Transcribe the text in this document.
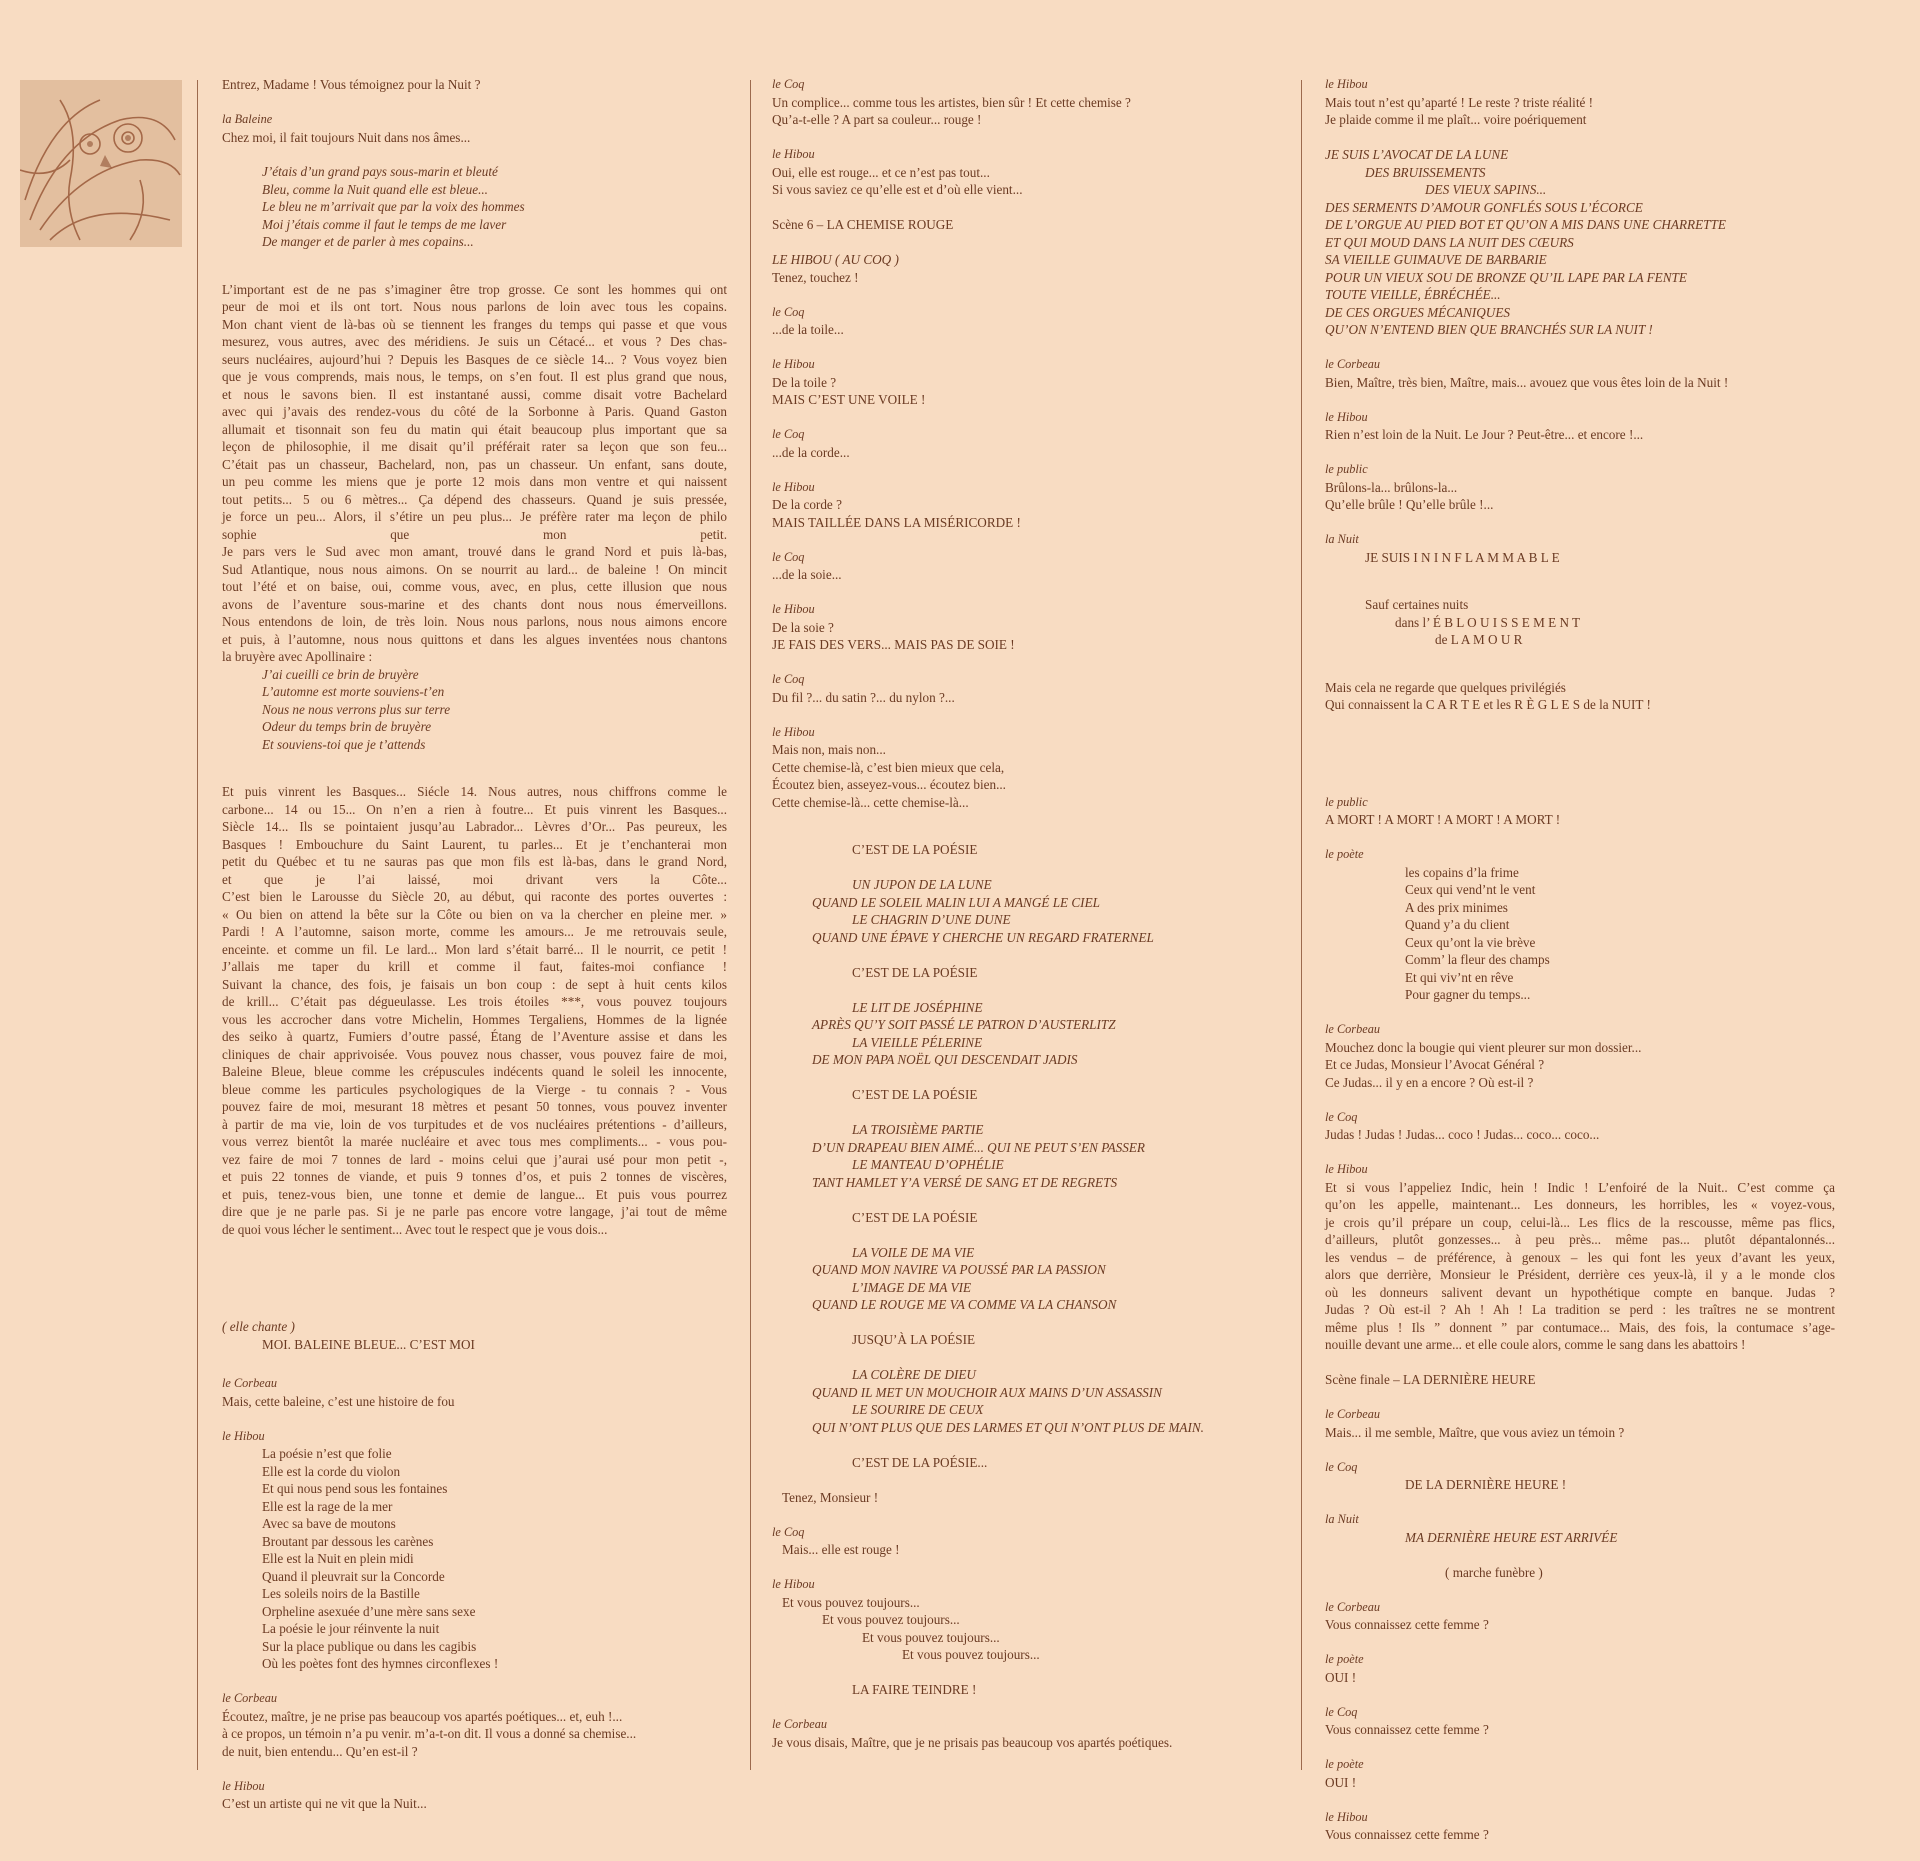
Entrez, Madame ! Vous témoignez pour la Nuit ?
la Baleine
Chez moi, il fait toujours Nuit dans nos âmes...
J’étais d’un grand pays sous-marin et bleuté
Bleu, comme la Nuit quand elle est bleue...
Le bleu ne m’arrivait que par la voix des hommes
Moi j’étais comme il faut le temps de me laver
De manger et de parler à mes copains...
L’important est de ne pas s’imaginer être trop grosse. Ce sont les hommes qui ont
peur de moi et ils ont tort. Nous nous parlons de loin avec tous les copains.
Mon chant vient de là-bas où se tiennent les franges du temps qui passe et que vous
mesurez, vous autres, avec des méridiens. Je suis un Cétacé... et vous ? Des chas-
seurs nucléaires, aujourd’hui ? Depuis les Basques de ce siècle 14... ? Vous voyez bien
que je vous comprends, mais nous, le temps, on s’en fout. Il est plus grand que nous,
et nous le savons bien. Il est instantané aussi, comme disait votre Bachelard
avec qui j’avais des rendez-vous du côté de la Sorbonne à Paris. Quand Gaston
allumait et tisonnait son feu du matin qui était beaucoup plus important que sa
leçon de philosophie, il me disait qu’il préférait rater sa leçon que son feu...
C’était pas un chasseur, Bachelard, non, pas un chasseur. Un enfant, sans doute,
un peu comme les miens que je porte 12 mois dans mon ventre et qui naissent
tout petits... 5 ou 6 mètres... Ça dépend des chasseurs. Quand je suis pressée,
je force un peu... Alors, il s’étire un peu plus... Je préfère rater ma leçon de philo
sophie que mon petit.
Je pars vers le Sud avec mon amant, trouvé dans le grand Nord et puis là-bas,
Sud Atlantique, nous nous aimons. On se nourrit au lard... de baleine ! On mincit
tout l’été et on baise, oui, comme vous, avec, en plus, cette illusion que nous
avons de l’aventure sous-marine et des chants dont nous nous émerveillons.
Nous entendons de loin, de très loin. Nous nous parlons, nous nous aimons encore
et puis, à l’automne, nous nous quittons et dans les algues inventées nous chantons
la bruyère avec Apollinaire :
J’ai cueilli ce brin de bruyère
L’automne est morte souviens-t’en
Nous ne nous verrons plus sur terre
Odeur du temps brin de bruyère
Et souviens-toi que je t’attends
Et puis vinrent les Basques... Siécle 14. Nous autres, nous chiffrons comme le
carbone... 14 ou 15... On n’en a rien à foutre... Et puis vinrent les Basques...
Siècle 14... Ils se pointaient jusqu’au Labrador... Lèvres d’Or... Pas peureux, les
Basques ! Embouchure du Saint Laurent, tu parles... Et je t’enchanterai mon
petit du Québec et tu ne sauras pas que mon fils est là-bas, dans le grand Nord,
et que je l’ai laissé, moi drivant vers la Côte...
C’est bien le Larousse du Siècle 20, au début, qui raconte des portes ouvertes :
« Ou bien on attend la bête sur la Côte ou bien on va la chercher en pleine mer. »
Pardi ! A l’automne, saison morte, comme les amours... Je me retrouvais seule,
enceinte. et comme un fil. Le lard... Mon lard s’était barré... Il le nourrit, ce petit !
J’allais me taper du krill et comme il faut, faites-moi confiance !
Suivant la chance, des fois, je faisais un bon coup : de sept à huit cents kilos
de krill... C’était pas dégueulasse. Les trois étoiles ***, vous pouvez toujours
vous les accrocher dans votre Michelin, Hommes Tergaliens, Hommes de la lignée
des seiko à quartz, Fumiers d’outre passé, Étang de l’Aventure assise et dans les
cliniques de chair apprivoisée. Vous pouvez nous chasser, vous pouvez faire de moi,
Baleine Bleue, bleue comme les crépuscules indécents quand le soleil les innocente,
bleue comme les particules psychologiques de la Vierge - tu connais ? - Vous
pouvez faire de moi, mesurant 18 mètres et pesant 50 tonnes, vous pouvez inventer
à partir de ma vie, loin de vos turpitudes et de vos nucléaires prétentions - d’ailleurs,
vous verrez bientôt la marée nucléaire et avec tous mes compliments... - vous pou-
vez faire de moi 7 tonnes de lard - moins celui que j’aurai usé pour mon petit -,
et puis 22 tonnes de viande, et puis 9 tonnes d’os, et puis 2 tonnes de viscères,
et puis, tenez-vous bien, une tonne et demie de langue... Et puis vous pourrez
dire que je ne parle pas. Si je ne parle pas encore votre langage, j’ai tout de même
de quoi vous lécher le sentiment... Avec tout le respect que je vous dois...
( elle chante )
MOI. BALEINE BLEUE... C’EST MOI
le Corbeau
Mais, cette baleine, c’est une histoire de fou
le Hibou
La poésie n’est que folie
Elle est la corde du violon
Et qui nous pend sous les fontaines
Elle est la rage de la mer
Avec sa bave de moutons
Broutant par dessous les carènes
Elle est la Nuit en plein midi
Quand il pleuvrait sur la Concorde
Les soleils noirs de la Bastille
Orpheline asexuée d’une mère sans sexe
La poésie le jour réinvente la nuit
Sur la place publique ou dans les cagibis
Où les poètes font des hymnes circonflexes !
le Corbeau
Écoutez, maître, je ne prise pas beaucoup vos apartés poétiques... et, euh !...
à ce propos, un témoin n’a pu venir. m’a-t-on dit. Il vous a donné sa chemise...
de nuit, bien entendu... Qu’en est-il ?
le Hibou
C’est un artiste qui ne vit que la Nuit...
le Coq
Un complice... comme tous les artistes, bien sûr ! Et cette chemise ?
Qu’a-t-elle ? A part sa couleur... rouge !
le Hibou
Oui, elle est rouge... et ce n’est pas tout...
Si vous saviez ce qu’elle est et d’où elle vient...
Scène 6 – LA CHEMISE ROUGE
LE HIBOU ( AU COQ )
Tenez, touchez !
le Coq
...de la toile...
le Hibou
De la toile ?
MAIS C’EST UNE VOILE !
le Coq
...de la corde...
le Hibou
De la corde ?
MAIS TAILLÉE DANS LA MISÉRICORDE !
le Coq
...de la soie...
le Hibou
De la soie ?
JE FAIS DES VERS... MAIS PAS DE SOIE !
le Coq
Du fil ?... du satin ?... du nylon ?...
le Hibou
Mais non, mais non...
Cette chemise-là, c’est bien mieux que cela,
Écoutez bien, asseyez-vous... écoutez bien...
Cette chemise-là... cette chemise-là...
C’EST DE LA POÉSIE
UN JUPON DE LA LUNE
QUAND LE SOLEIL MALIN LUI A MANGÉ LE CIEL
LE CHAGRIN D’UNE DUNE
QUAND UNE ÉPAVE Y CHERCHE UN REGARD FRATERNEL
C’EST DE LA POÉSIE
LE LIT DE JOSÉPHINE
APRÈS QU’Y SOIT PASSÉ LE PATRON D’AUSTERLITZ
LA VIEILLE PÉLERINE
DE MON PAPA NOËL QUI DESCENDAIT JADIS
C’EST DE LA POÉSIE
LA TROISIÈME PARTIE
D’UN DRAPEAU BIEN AIMÉ... QUI NE PEUT S’EN PASSER
LE MANTEAU D’OPHÉLIE
TANT HAMLET Y’A VERSÉ DE SANG ET DE REGRETS
C’EST DE LA POÉSIE
LA VOILE DE MA VIE
QUAND MON NAVIRE VA POUSSÉ PAR LA PASSION
L’IMAGE DE MA VIE
QUAND LE ROUGE ME VA COMME VA LA CHANSON
JUSQU’À LA POÉSIE
LA COLÈRE DE DIEU
QUAND IL MET UN MOUCHOIR AUX MAINS D’UN ASSASSIN
LE SOURIRE DE CEUX
QUI N’ONT PLUS QUE DES LARMES ET QUI N’ONT PLUS DE MAIN.
C’EST DE LA POÉSIE...
Tenez, Monsieur !
le Coq
Mais... elle est rouge !
le Hibou
Et vous pouvez toujours...
Et vous pouvez toujours...
Et vous pouvez toujours...
Et vous pouvez toujours...
LA FAIRE TEINDRE !
le Corbeau
Je vous disais, Maître, que je ne prisais pas beaucoup vos apartés poétiques.
le Hibou
Mais tout n’est qu’aparté ! Le reste ? triste réalité !
Je plaide comme il me plaît... voire poériquement
JE SUIS L’AVOCAT DE LA LUNE
DES BRUISSEMENTS
DES VIEUX SAPINS...
DES SERMENTS D’AMOUR GONFLÉS SOUS L’ÉCORCE
DE L’ORGUE AU PIED BOT ET QU’ON A MIS DANS UNE CHARRETTE
ET QUI MOUD DANS LA NUIT DES CŒURS
SA VIEILLE GUIMAUVE DE BARBARIE
POUR UN VIEUX SOU DE BRONZE QU’IL LAPE PAR LA FENTE
TOUTE VIEILLE, ÉBRÉCHÉE...
DE CES ORGUES MÉCANIQUES
QU’ON N’ENTEND BIEN QUE BRANCHÉS SUR LA NUIT !
le Corbeau
Bien, Maître, très bien, Maître, mais... avouez que vous êtes loin de la Nuit !
le Hibou
Rien n’est loin de la Nuit. Le Jour ? Peut-être... et encore !...
le public
Brûlons-la... brûlons-la...
Qu’elle brûle ! Qu’elle brûle !...
la Nuit
JE SUIS I N I N F L A M M A B L E
Sauf certaines nuits
dans l’ É B L O U I S S E M E N T
de L A M O U R
Mais cela ne regarde que quelques privilégiés
Qui connaissent la C A R T E et les R È G L E S de la NUIT !
le public
A MORT ! A MORT ! A MORT ! A MORT !
le poète
les copains d’la frime
Ceux qui vend’nt le vent
A des prix minimes
Quand y’a du client
Ceux qu’ont la vie brève
Comm’ la fleur des champs
Et qui viv’nt en rêve
Pour gagner du temps...
le Corbeau
Mouchez donc la bougie qui vient pleurer sur mon dossier...
Et ce Judas, Monsieur l’Avocat Général ?
Ce Judas... il y en a encore ? Où est-il ?
le Coq
Judas ! Judas ! Judas... coco ! Judas... coco... coco...
le Hibou
Et si vous l’appeliez Indic, hein ! Indic ! L’enfoiré de la Nuit.. C’est comme ça
qu’on les appelle, maintenant... Les donneurs, les horribles, les « voyez-vous,
je crois qu’il prépare un coup, celui-là... Les flics de la rescousse, même pas flics,
d’ailleurs, plutôt gonzesses... à peu près... même pas... plutôt dépantalonnés...
les vendus – de préférence, à genoux – les qui font les yeux d’avant les yeux,
alors que derrière, Monsieur le Président, derrière ces yeux-là, il y a le monde clos
où les donneurs salivent devant un hypothétique compte en banque. Judas ?
Judas ? Où est-il ? Ah ! Ah ! La tradition se perd : les traîtres ne se montrent
même plus ! Ils ” donnent ” par contumace... Mais, des fois, la contumace s’age-
nouille devant une arme... et elle coule alors, comme le sang dans les abattoirs !
Scène finale – LA DERNIÈRE HEURE
le Corbeau
Mais... il me semble, Maître, que vous aviez un témoin ?
le Coq
DE LA DERNIÈRE HEURE !
la Nuit
MA DERNIÈRE HEURE EST ARRIVÉE
( marche funèbre )
le Corbeau
Vous connaissez cette femme ?
le poète
OUI !
le Coq
Vous connaissez cette femme ?
le poète
OUI !
le Hibou
Vous connaissez cette femme ?
